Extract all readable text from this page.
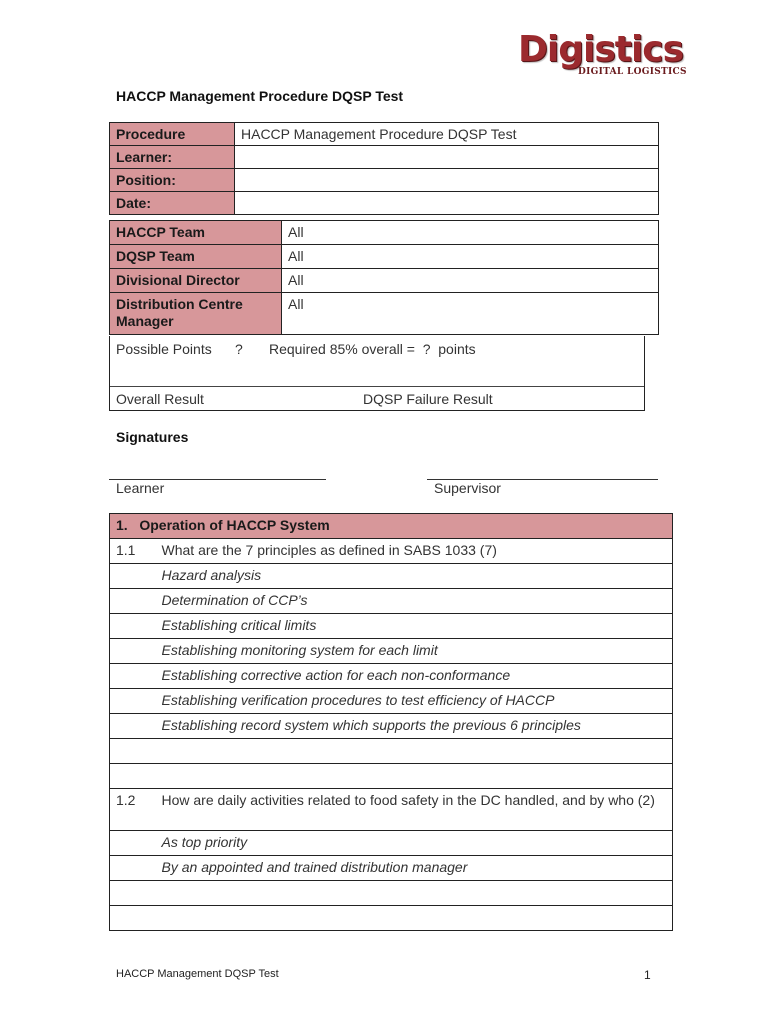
Digistics
DIGITAL LOGISTICS
HACCP Management Procedure DQSP Test
Procedure	HACCP Management Procedure DQSP Test
Learner:	
Position:	
Date:	
HACCP Team	All
DQSP Team	All
Divisional Director	All
Distribution Centre Manager	All
Possible Points ? Required 85% overall =  ?  points
Overall Result	DQSP Failure Result
Signatures
Learner	Supervisor
1. Operation of HACCP System	
1.1	What are the 7 principles as defined in SABS 1033 (7)
	Hazard analysis
	Determination of CCP’s
	Establishing critical limits
	Establishing monitoring system for each limit
	Establishing corrective action for each non-conformance
	Establishing verification procedures to test efficiency of HACCP
	Establishing record system which supports the previous 6 principles

1.2	How are daily activities related to food safety in the DC handled, and by who (2)
	As top priority
	By an appointed and trained distribution manager

HACCP Management DQSP Test	1
